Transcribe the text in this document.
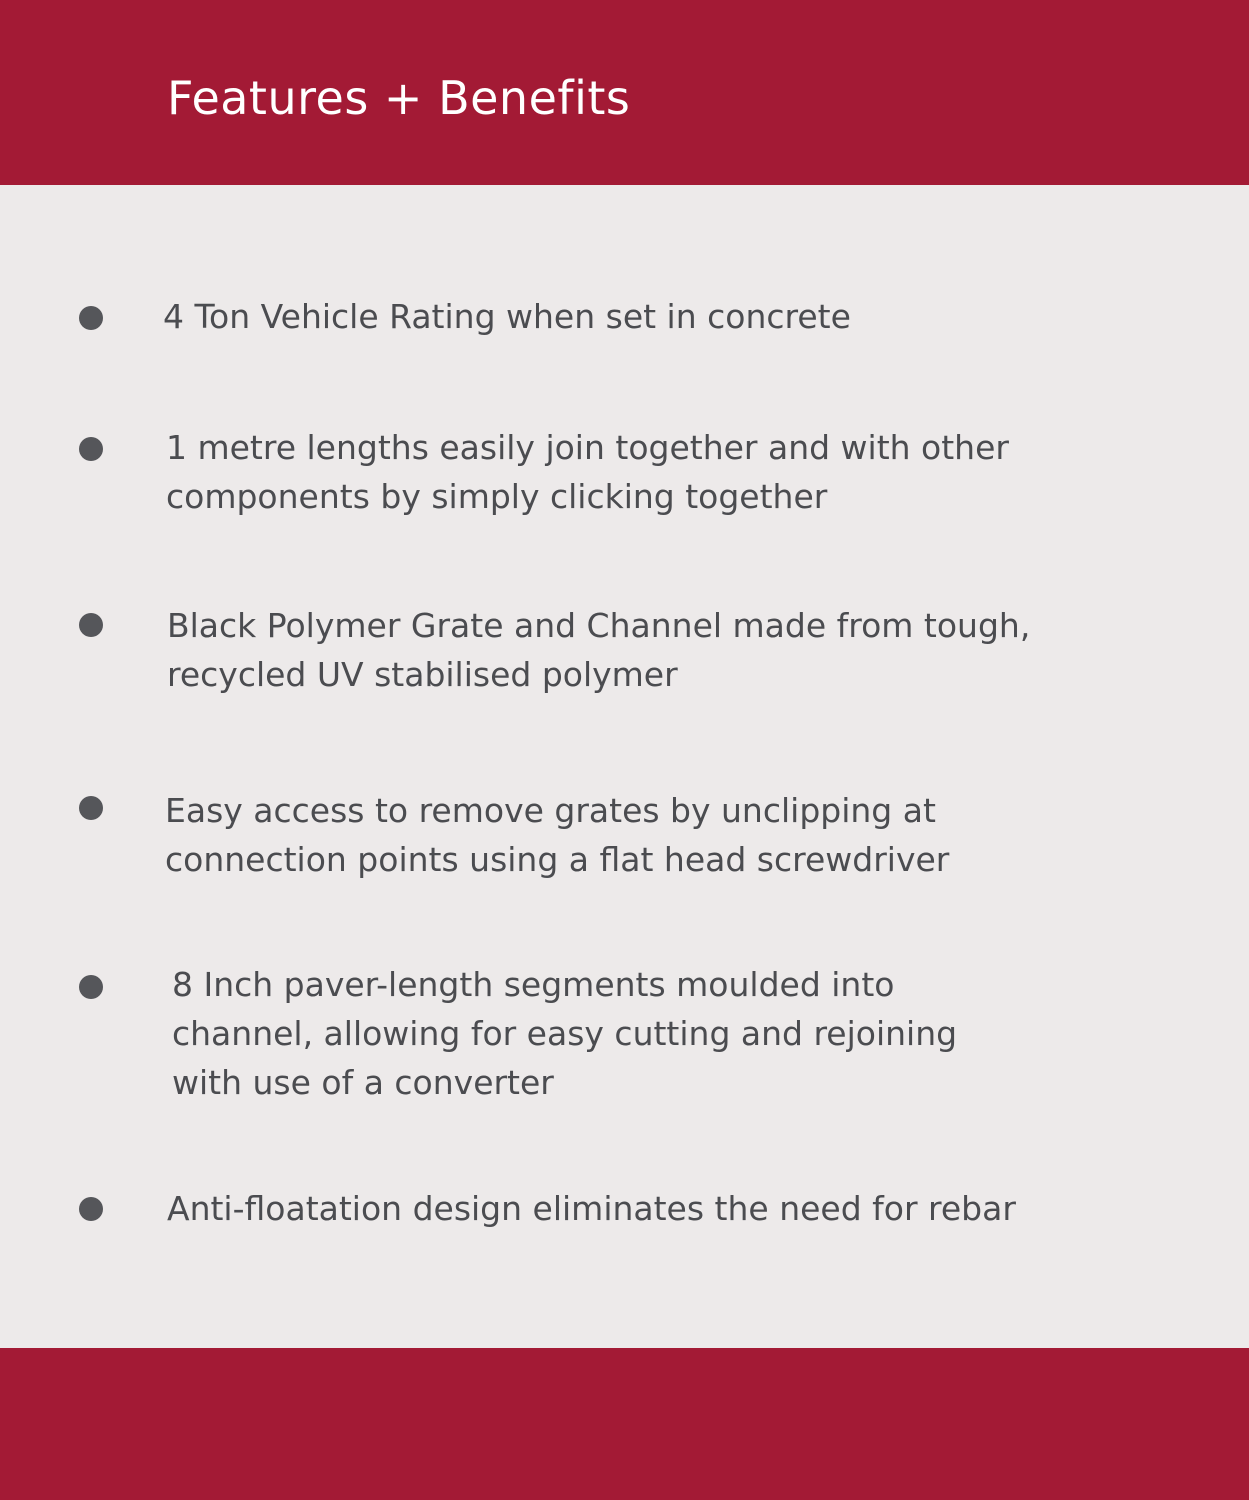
Features + Benefits

4 Ton Vehicle Rating when set in concrete

1 metre lengths easily join together and with other
components by simply clicking together

Black Polymer Grate and Channel made from tough,
recycled UV stabilised polymer

Easy access to remove grates by unclipping at
connection points using a flat head screwdriver

8 Inch paver-length segments moulded into
channel, allowing for easy cutting and rejoining
with use of a converter

Anti-floatation design eliminates the need for rebar
